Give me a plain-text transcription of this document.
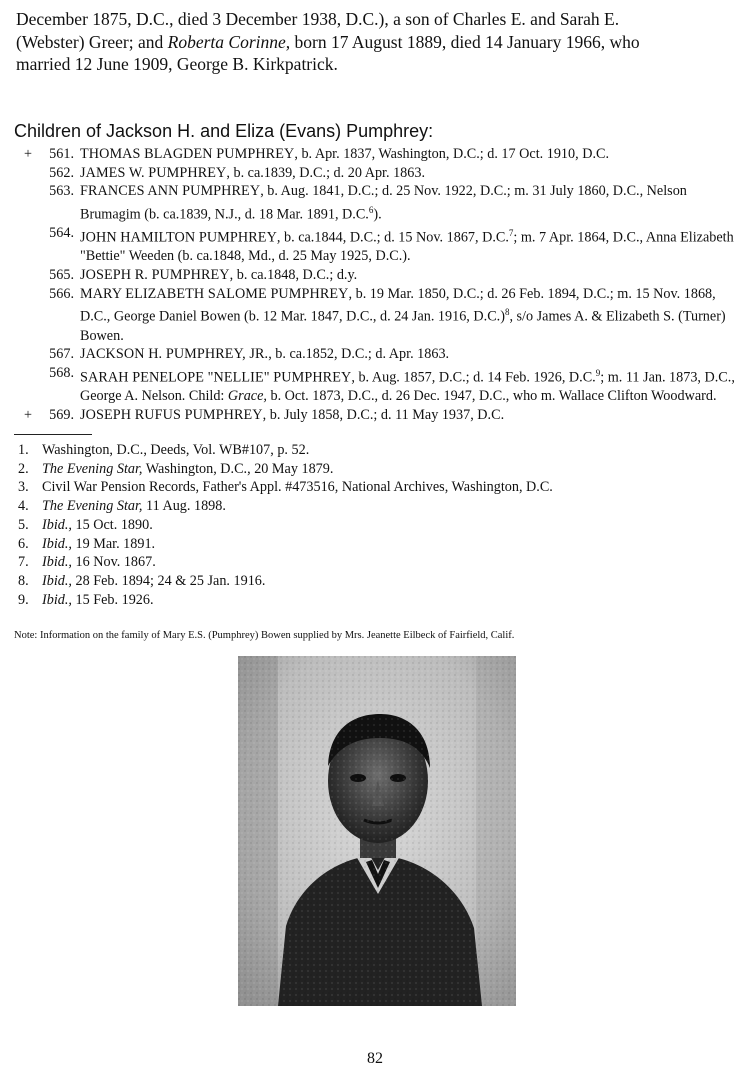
December 1875, D.C., died 3 December 1938, D.C.), a son of Charles E. and Sarah E.

(Webster) Greer; and Roberta Corinne, born 17 August 1889, died 14 January 1966, who

married 12 June 1909, George B. Kirkpatrick.

Children of Jackson H. and Eliza (Evans) Pumphrey:
+	561. THOMAS BLAGDEN PUMPHREY, b. Apr. 1837, Washington, D.C.; d. 17 Oct. 1910, D.C.
562. JAMES W. PUMPHREY, b. ca.1839, D.C.; d. 20 Apr. 1863.
563. FRANCES ANN PUMPHREY, b. Aug. 1841, D.C.; d. 25 Nov. 1922, D.C.; m. 31 July 1860, D.C., Nelson Brumagim (b. ca.1839, N.J., d. 18 Mar. 1891, D.C.$^6$).
564. JOHN HAMILTON PUMPHREY, b. ca.1844, D.C.; d. 15 Nov. 1867, D.C.$^7$; m. 7 Apr. 1864, D.C., Anna Elizabeth "Bettie" Weeden (b. ca.1848, Md., d. 25 May 1925, D.C.).
565. JOSEPH R. PUMPHREY, b. ca.1848, D.C.; d.y.
566. MARY ELIZABETH SALOME PUMPHREY, b. 19 Mar. 1850, D.C.; d. 26 Feb. 1894, D.C.; m. 15 Nov. 1868, D.C., George Daniel Bowen (b. 12 Mar. 1847, D.C., d. 24 Jan. 1916, D.C.)$^8$, s/o James A. & Elizabeth S. (Turner) Bowen.
567. JACKSON H. PUMPHREY, JR., b. ca.1852, D.C.; d. Apr. 1863.
568. SARAH PENELOPE "NELLIE" PUMPHREY, b. Aug. 1857, D.C.; d. 14 Feb. 1926, D.C.$^9$; m. 11 Jan. 1873, D.C., George A. Nelson. Child: Grace, b. Oct. 1873, D.C., d. 26 Dec. 1947, D.C., who m. Wallace Clifton Woodward.
+	569. JOSEPH RUFUS PUMPHREY, b. July 1858, D.C.; d. 11 May 1937, D.C.
1. Washington, D.C., Deeds, Vol. WB#107, p. 52.
2. The Evening Star, Washington, D.C., 20 May 1879.
3. Civil War Pension Records, Father's Appl. #473516, National Archives, Washington, D.C.
4. The Evening Star, 11 Aug. 1898.
5. Ibid., 15 Oct. 1890.
6. Ibid., 19 Mar. 1891.
7. Ibid., 16 Nov. 1867.
8. Ibid., 28 Feb. 1894; 24 & 25 Jan. 1916.
9. Ibid., 15 Feb. 1926.
Note: Information on the family of Mary E.S. (Pumphrey) Bowen supplied by Mrs. Jeanette Eilbeck of Fairfield, Calif.
82
